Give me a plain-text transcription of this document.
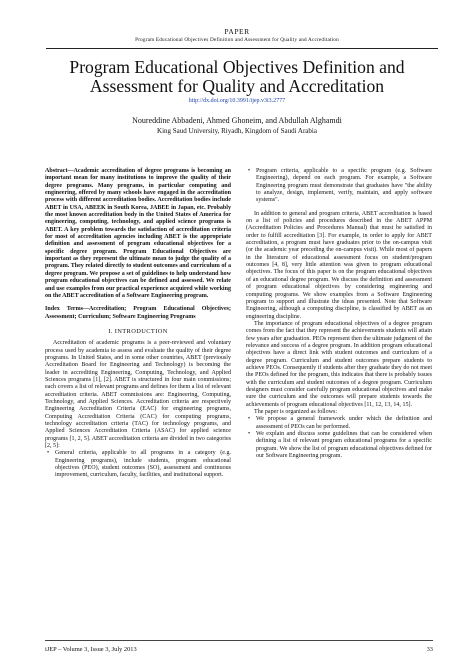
PAPER
Program Educational Objectives Definition and Assessment for Quality and Accreditation
Program Educational Objectives Definition and Assessment for Quality and Accreditation
http://dx.doi.org/10.3991/ijep.v3i3.2777
Noureddine Abbadeni, Ahmed Ghoneim, and Abdullah Alghamdi
King Saud University, Riyadh, Kingdom of Saudi Arabia

Abstract—Academic accreditation of degree programs is becoming an important mean for many institutions to improve the quality of their degree programs. Many programs, in particular computing and engineering, offered by many schools have engaged in the accreditation process with different accreditation bodies. Accreditation bodies include ABET in USA, ABEEK in South Korea, JABEE in Japan, etc. Probably the most known accreditation body in the United States of America for engineering, computing, technology, and applied science programs is ABET. A key problem towards the satisfaction of accreditation criteria for most of accreditation agencies including ABET is the appropriate definition and assessment of program educational objectives for a specific degree program. Program Educational Objectives are important as they represent the ultimate mean to judge the quality of a program. They related directly to student outcomes and curriculum of a degree program. We propose a set of guidelines to help understand how program educational objectives can be defined and assessed. We relate and use examples from our practical experience acquired while working on the ABET accreditation of a Software Engineering program.

Index Terms—Accreditation; Program Educational Objectives; Assessment; Curriculum; Software Engineering Programs

I. INTRODUCTION

Accreditation of academic programs is a peer-reviewed and voluntary process used by academia to assess and evaluate the quality of their degree programs. In United States, and in some other countries, ABET (previously Accreditation Board for Engineering and Technology) is becoming the leader in accrediting Engineering, Computing, Technology, and Applied Sciences programs [1], [2]. ABET is structured in four main commissions; each covers a list of relevant programs and defines for them a list of relevant accreditation criteria. ABET commissions are: Engineering, Computing, Technology, and Applied Sciences. Accreditation criteria are respectively Engineering Accreditation Criteria (EAC) for engineering programs, Computing Accreditation Criteria (CAC) for computing programs, technology accreditation criteria (TAC) for technology programs, and Applied Sciences Accreditation Criteria (ASAC) for applied science programs [1, 2, 5]. ABET accreditation criteria are divided in two categories [2, 5]:

• General criteria, applicable to all programs in a category (e.g. Engineering programs), include students, program educational objectives (PEO), student outcomes (SO), assessment and continuous improvement, curriculum, faculty, facilities, and institutional support.

• Program criteria, applicable to a specific program (e.g. Software Engineering), depend on each program. For example, a Software Engineering program must demonstrate that graduates have "the ability to analyze, design, implement, verify, maintain, and apply software systems".

In addition to general and program criteria, ABET accreditation is based on a list of policies and procedures described in the ABET APPM (Accreditation Policies and Procedures Manual) that must be satisfied in order to fulfill accreditation [3]. For example, in order to apply for ABET accreditation, a program must have graduates prior to the on-campus visit (or the academic year preceding the on-campus visit). While most of papers in the literature of educational assessment focus on student/program outcomes [4, 8], very little attention was given to program educational objectives. The focus of this paper is on the program educational objectives of an educational degree program. We discuss the definition and assessment of program educational objectives by considering engineering and computing programs. We show examples from a Software Engineering program to support and illustrate the ideas presented. Note that Software Engineering, although a computing discipline, is classified by ABET as an engineering discipline.

The importance of program educational objectives of a degree program comes from the fact that they represent the achievements students will attain few years after graduation. PEOs represent then the ultimate judgment of the relevance and success of a degree program. In addition program educational objectives have a direct link with student outcomes and curriculum of a degree program. Curriculum and student outcomes prepare students to achieve PEOs. Consequently if students after they graduate they do not meet the PEOs defined for the program, this indicates that there is probably issues with the curriculum and student outcomes of a degree program. Curriculum designers must consider carefully program educational objectives and make sure the curriculum and the outcomes will prepare students towards the achievements of program educational objectives [11, 12, 13, 14, 15].

The paper is organized as follows:

• We propose a general framework under which the definition and assessment of PEOs can be performed.

• We explain and discuss some guidelines that can be considered when defining a list of relevant program educational programs for a specific program. We show the list of program educational objectives defined for our Software Engineering program.

iJEP – Volume 3, Issue 3, July 2013	33
